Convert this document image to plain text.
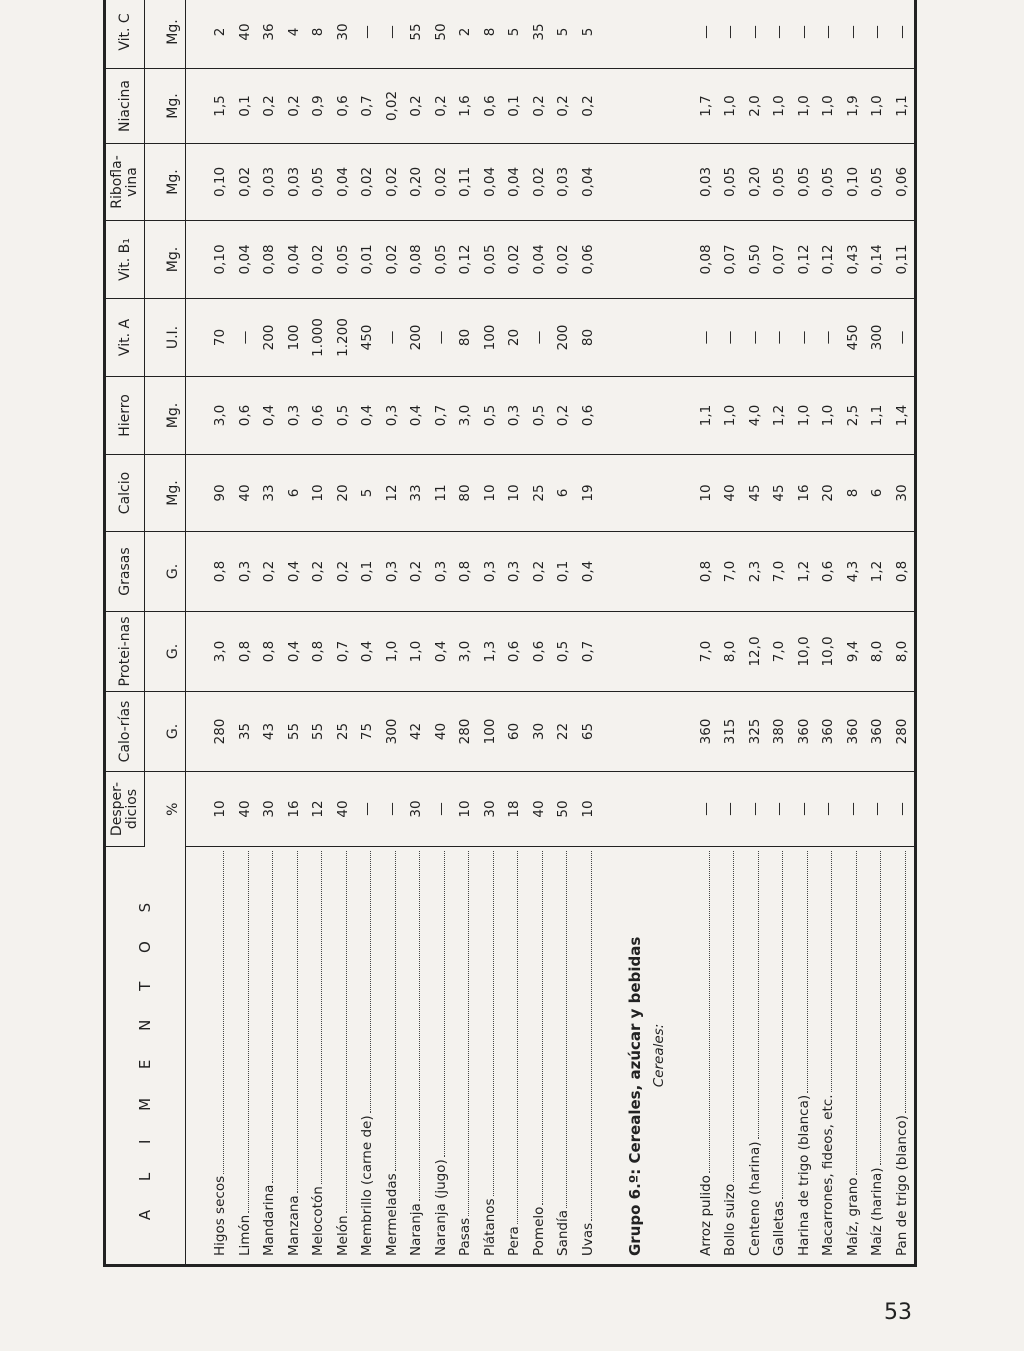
A L I M E N T O S	Desper-dicios	Calo-rías	Protei-nas	Grasas	Calcio	Hierro	Vit. A	Vit. B₁	Ribofla-vina	Niacina	Vit. C
	%	G.	G.	G.	Mg.	Mg.	U.I.	Mg.	Mg.	Mg.	Mg.

Higos secos	10	280	3,0	0,8	90	3,0	70	0,10	0,10	1,5	2

Limón	40	35	0,8	0,3	40	0,6	—	0,04	0,02	0,1	40

Mandarina	30	43	0,8	0,2	33	0,4	200	0,08	0,03	0,2	36

Manzana	16	55	0,4	0,4	6	0,3	100	0,04	0,03	0,2	4

Melocotón	12	55	0,8	0,2	10	0,6	1.000	0,02	0,05	0,9	8

Melón	40	25	0,7	0,2	20	0,5	1.200	0,05	0,04	0,6	30

Membrillo (carne de)	—	75	0,4	0,1	5	0,4	450	0,01	0,02	0,7	—

Mermeladas	—	300	1,0	0,3	12	0,3	—	0,02	0,02	0,02	—

Naranja	30	42	1,0	0,2	33	0,4	200	0,08	0,20	0,2	55

Naranja (jugo)	—	40	0,4	0,3	11	0,7	—	0,05	0,02	0,2	50

Pasas	10	280	3,0	0,8	80	3,0	80	0,12	0,11	1,6	2

Plátanos	30	100	1,3	0,3	10	0,5	100	0,05	0,04	0,6	8

Pera	18	60	0,6	0,3	10	0,3	20	0,02	0,04	0,1	5

Pomelo	40	30	0,6	0,2	25	0,5	—	0,04	0,02	0,2	35

Sandía	50	22	0,5	0,1	6	0,2	200	0,02	0,03	0,2	5

Uvas	10	65	0,7	0,4	19	0,6	80	0,06	0,04	0,2	5

Grupo 6.º: Cereales, azúcar y bebidas											
Cereales:											

Arroz pulido	—	360	7,0	0,8	10	1,1	—	0,08	0,03	1,7	—

Bollo suizo	—	315	8,0	7,0	40	1,0	—	0,07	0,05	1,0	—

Centeno (harina)	—	325	12,0	2,3	45	4,0	—	0,50	0,20	2,0	—

Galletas	—	380	7,0	7,0	45	1,2	—	0,07	0,05	1,0	—

Harina de trigo (blanca)	—	360	10,0	1,2	16	1,0	—	0,12	0,05	1,0	—

Macarrones, fideos, etc.	—	360	10,0	0,6	20	1,0	—	0,12	0,05	1,0	—

Maíz, grano	—	360	9,4	4,3	8	2,5	450	0,43	0,10	1,9	—

Maíz (harina)	—	360	8,0	1,2	6	1,1	300	0,14	0,05	1,0	—

Pan de trigo (blanco)	—	280	8,0	0,8	30	1,4	—	0,11	0,06	1,1	—
53
